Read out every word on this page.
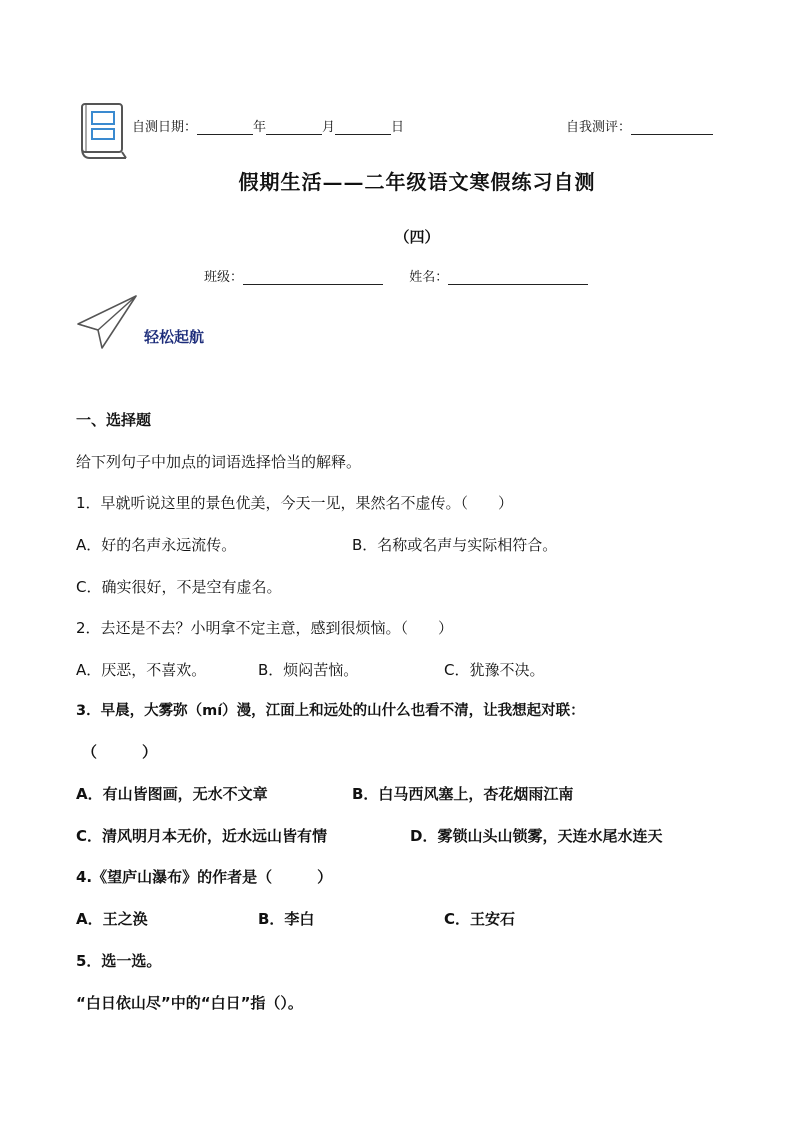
自测日期：	年	月	日	自我测评：
假期生活——二年级语文寒假练习自测
（四）
班级：	姓名：
轻松起航
一、选择题
给下列句子中加点的词语选择恰当的解释。
1．早就听说这里的景色优美，今天一见，果然名不虚传。（　　）
A．好的名声永远流传。	B．名称或名声与实际相符合。
C．确实很好，不是空有虚名。
2．去还是不去？小明拿不定主意，感到很烦恼。（　　）
A．厌恶，不喜欢。	B．烦闷苦恼。	C．犹豫不决。
3．早晨，大雾弥（mí）漫，江面上和远处的山什么也看不清，让我想起对联：
（　　　）
A．有山皆图画，无水不文章	B．白马西风塞上，杏花烟雨江南
C．清风明月本无价，近水远山皆有情	D．雾锁山头山锁雾，天连水尾水连天
4.《望庐山瀑布》的作者是（　　　）
A．王之涣	B．李白	C．王安石
5．选一选。
“白日依山尽”中的“白日”指（）。
